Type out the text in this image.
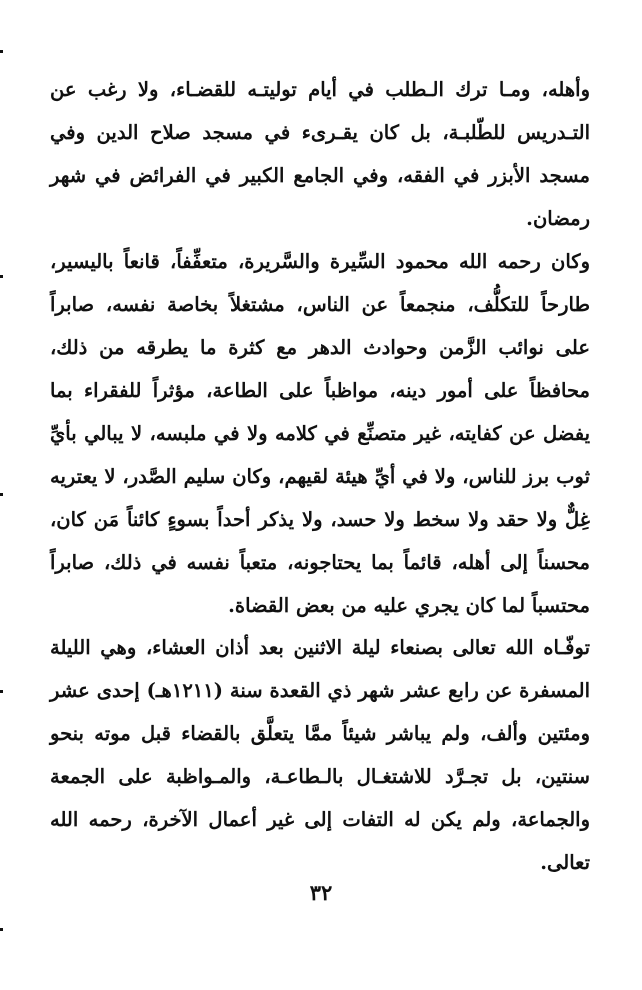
وأهله، ومـا ترك الـطلب في أيام توليتـه للقضـاء، ولا رغب عن التـدريس للطّلبـة، بل كان يقـرىء في مسجد صلاح الدين وفي مسجد الأبزر في الفقه، وفي الجامع الكبير في الفرائض في شهر رمضان.

وكان رحمه الله محمود السِّيرة والسَّريرة، متعفِّفاً، قانعاً باليسير، طارحاً للتكلُّف، منجمعاً عن الناس، مشتغلاً بخاصة نفسه، صابراً على نوائب الزَّمن وحوادث الدهر مع كثرة ما يطرقه من ذلك، محافظاً على أمور دينه، مواظباً على الطاعة، مؤثراً للفقراء بما يفضل عن كفايته، غير متصنِّع في كلامه ولا في ملبسه، لا يبالي بأيِّ ثوب برز للناس، ولا في أيِّ هيئة لقيهم، وكان سليم الصَّدر، لا يعتريه غِلٌّ ولا حقد ولا سخط ولا حسد، ولا يذكر أحداً بسوءٍ كائناً مَن كان، محسناً إلى أهله، قائماً بما يحتاجونه، متعباً نفسه في ذلك، صابراً محتسباً لما كان يجري عليه من بعض القضاة.

توفّـاه الله تعالى بصنعاء ليلة الاثنين بعد أذان العشاء، وهي الليلة المسفرة عن رابع عشر شهر ذي القعدة سنة (١٢١١هـ) إحدى عشر ومئتين وألف، ولم يباشر شيئاً ممَّا يتعلَّق بالقضاء قبل موته بنحو سنتين، بل تجـرَّد للاشتغـال بالـطاعـة، والمـواظبة على الجمعة والجماعة، ولم يكن له التفات إلى غير أعمال الآخرة، رحمه الله تعالى.

٣٢
